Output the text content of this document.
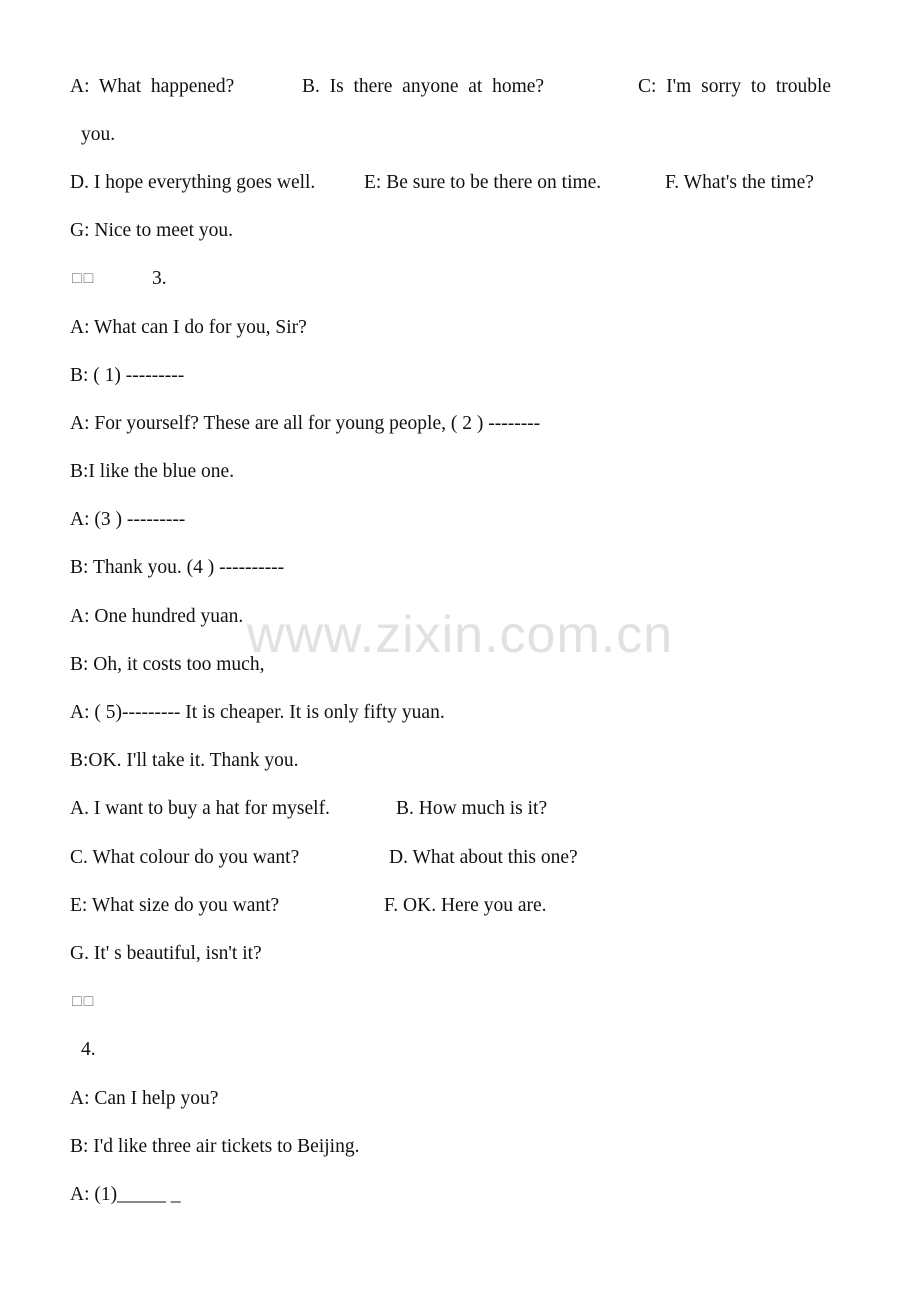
www.zixin.com.cn
A:  What  happened?	B.  Is  there  anyone  at  home?	C:  I'm  sorry  to  trouble
you.
D. I hope everything goes well. E: Be sure to be there on time.	F. What's the time?
G: Nice to meet you.
□□	3.
A: What can I do for you, Sir?
B: ( 1) ---------
A: For yourself? These are all for young people, ( 2 ) --------
B:I like the blue one.
A: (3 ) ---------
B: Thank you. (4 ) ----------
A: One hundred yuan.
B: Oh, it costs too much,
A: ( 5)--------- It is cheaper. It is only fifty yuan.
B:OK. I'll take it. Thank you.
A. I want to buy a hat for myself.	B. How much is it?
C. What colour do you want?	D. What about this one?
E: What size do you want?	F. OK. Here you are.
G. It' s beautiful, isn't it?
□□
4.
A: Can I help you?
B: I'd like three air tickets to Beijing.
A: (1)_____ _
